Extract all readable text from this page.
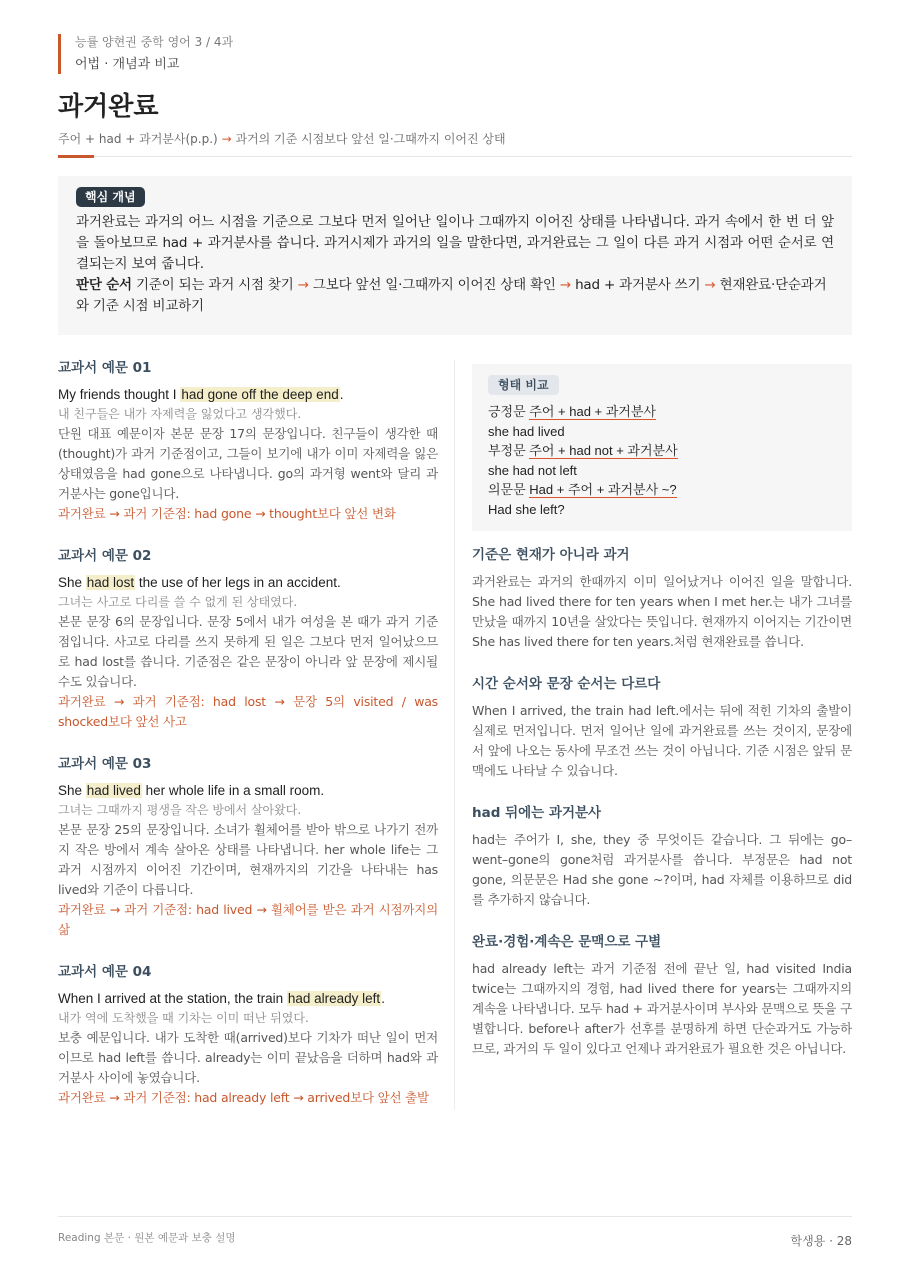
능률 양현권 중학 영어 3 / 4과
어법 · 개념과 비교
과거완료
주어 + had + 과거분사(p.p.) → 과거의 기준 시점보다 앞선 일·그때까지 이어진 상태
핵심 개념
과거완료는 과거의 어느 시점을 기준으로 그보다 먼저 일어난 일이나 그때까지 이어진 상태를 나타냅니다. 과거 속에서 한 번 더 앞을 돌아보므로 had + 과거분사를 씁니다. 과거시제가 과거의 일을 말한다면, 과거완료는 그 일이 다른 과거 시점과 어떤 순서로 연결되는지 보여 줍니다.
판단 순서 기준이 되는 과거 시점 찾기 → 그보다 앞선 일·그때까지 이어진 상태 확인 → had + 과거분사 쓰기 → 현재완료·단순과거와 기준 시점 비교하기
교과서 예문 01
My friends thought I had gone off the deep end.
내 친구들은 내가 자제력을 잃었다고 생각했다.
단원 대표 예문이자 본문 문장 17의 문장입니다. 친구들이 생각한 때(thought)가 과거 기준점이고, 그들이 보기에 내가 이미 자제력을 잃은 상태였음을 had gone으로 나타냅니다. go의 과거형 went와 달리 과거분사는 gone입니다.
과거완료 → 과거 기준점: had gone → thought보다 앞선 변화
교과서 예문 02
She had lost the use of her legs in an accident.
그녀는 사고로 다리를 쓸 수 없게 된 상태였다.
본문 문장 6의 문장입니다. 문장 5에서 내가 여성을 본 때가 과거 기준점입니다. 사고로 다리를 쓰지 못하게 된 일은 그보다 먼저 일어났으므로 had lost를 씁니다. 기준점은 같은 문장이 아니라 앞 문장에 제시될 수도 있습니다.
과거완료 → 과거 기준점: had lost → 문장 5의 visited / was shocked보다 앞선 사고
교과서 예문 03
She had lived her whole life in a small room.
그녀는 그때까지 평생을 작은 방에서 살아왔다.
본문 문장 25의 문장입니다. 소녀가 휠체어를 받아 밖으로 나가기 전까지 작은 방에서 계속 살아온 상태를 나타냅니다. her whole life는 그 과거 시점까지 이어진 기간이며, 현재까지의 기간을 나타내는 has lived와 기준이 다릅니다.
과거완료 → 과거 기준점: had lived → 휠체어를 받은 과거 시점까지의 삶
교과서 예문 04
When I arrived at the station, the train had already left.
내가 역에 도착했을 때 기차는 이미 떠난 뒤였다.
보충 예문입니다. 내가 도착한 때(arrived)보다 기차가 떠난 일이 먼저이므로 had left를 씁니다. already는 이미 끝났음을 더하며 had와 과거분사 사이에 놓였습니다.
과거완료 → 과거 기준점: had already left → arrived보다 앞선 출발
형태 비교
긍정문 주어 + had + 과거분사
she had lived
부정문 주어 + had not + 과거분사
she had not left
의문문 Had + 주어 + 과거분사 ~?
Had she left?
기준은 현재가 아니라 과거
과거완료는 과거의 한때까지 이미 일어났거나 이어진 일을 말합니다. She had lived there for ten years when I met her.는 내가 그녀를 만났을 때까지 10년을 살았다는 뜻입니다. 현재까지 이어지는 기간이면 She has lived there for ten years.처럼 현재완료를 씁니다.
시간 순서와 문장 순서는 다르다
When I arrived, the train had left.에서는 뒤에 적힌 기차의 출발이 실제로 먼저입니다. 먼저 일어난 일에 과거완료를 쓰는 것이지, 문장에서 앞에 나오는 동사에 무조건 쓰는 것이 아닙니다. 기준 시점은 앞뒤 문맥에도 나타날 수 있습니다.
had 뒤에는 과거분사
had는 주어가 I, she, they 중 무엇이든 같습니다. 그 뒤에는 go–went–gone의 gone처럼 과거분사를 씁니다. 부정문은 had not gone, 의문문은 Had she gone ~?이며, had 자체를 이용하므로 did를 추가하지 않습니다.
완료·경험·계속은 문맥으로 구별
had already left는 과거 기준점 전에 끝난 일, had visited India twice는 그때까지의 경험, had lived there for years는 그때까지의 계속을 나타냅니다. 모두 had + 과거분사이며 부사와 문맥으로 뜻을 구별합니다. before나 after가 선후를 분명하게 하면 단순과거도 가능하므로, 과거의 두 일이 있다고 언제나 과거완료가 필요한 것은 아닙니다.
Reading 본문 · 원본 예문과 보충 설명	학생용 · 28
